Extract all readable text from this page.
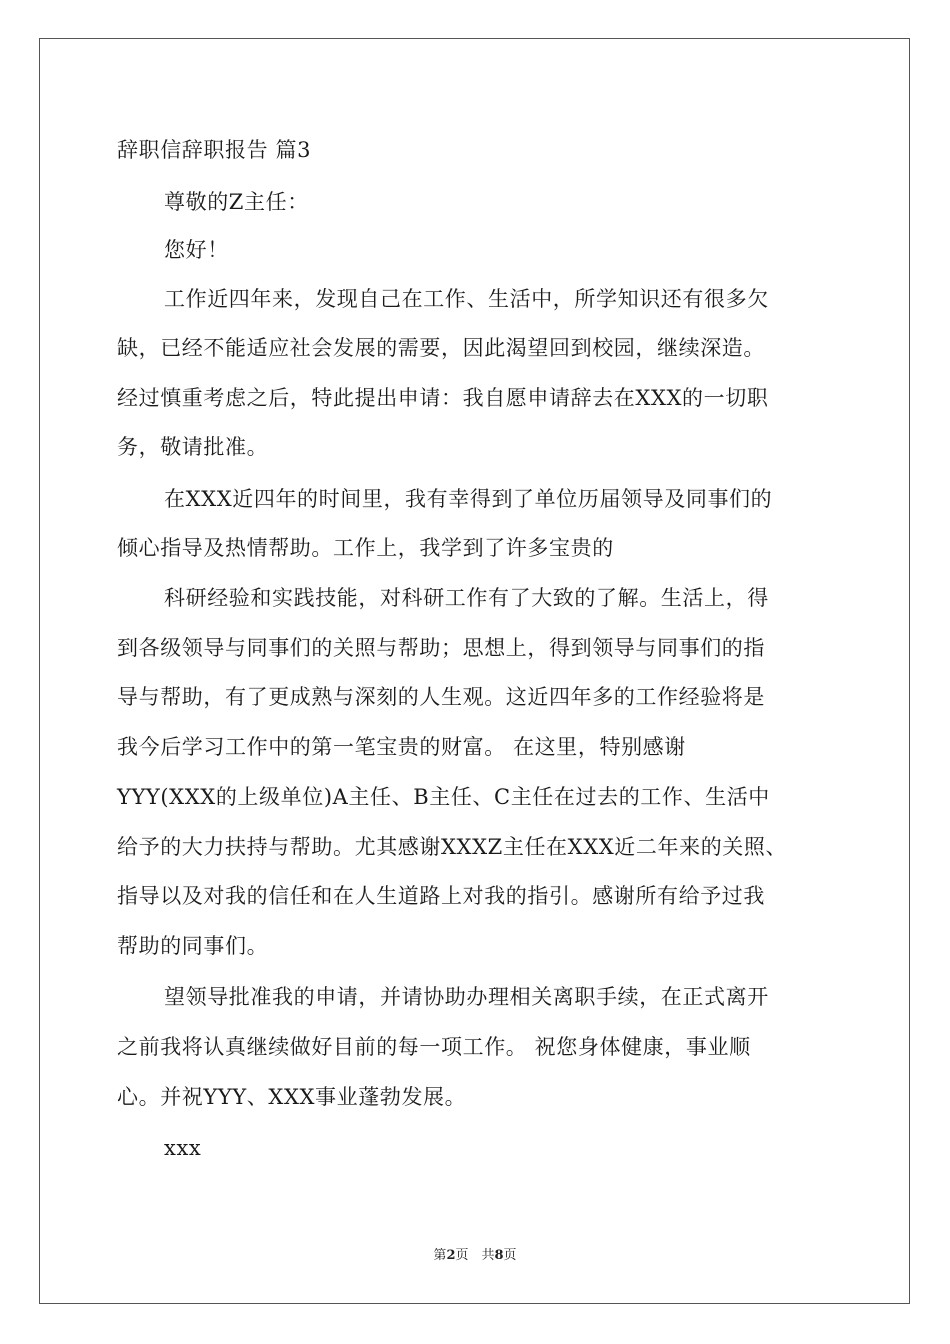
辞职信辞职报告 篇3
尊敬的Z主任：
您好！
工作近四年来，发现自己在工作、生活中，所学知识还有很多欠
缺，已经不能适应社会发展的需要，因此渴望回到校园，继续深造。
经过慎重考虑之后，特此提出申请：我自愿申请辞去在XXX的一切职
务，敬请批准。
在XXX近四年的时间里，我有幸得到了单位历届领导及同事们的
倾心指导及热情帮助。工作上，我学到了许多宝贵的
科研经验和实践技能，对科研工作有了大致的了解。生活上，得
到各级领导与同事们的关照与帮助；思想上，得到领导与同事们的指
导与帮助，有了更成熟与深刻的人生观。这近四年多的工作经验将是
我今后学习工作中的第一笔宝贵的财富。 在这里，特别感谢
YYY(XXX的上级单位)A主任、B主任、C主任在过去的工作、生活中
给予的大力扶持与帮助。尤其感谢XXXZ主任在XXX近二年来的关照、
指导以及对我的信任和在人生道路上对我的指引。感谢所有给予过我
帮助的同事们。
望领导批准我的申请，并请协助办理相关离职手续，在正式离开
之前我将认真继续做好目前的每一项工作。 祝您身体健康，事业顺
心。并祝YYY、XXX事业蓬勃发展。
xxx
第2页　共8页
